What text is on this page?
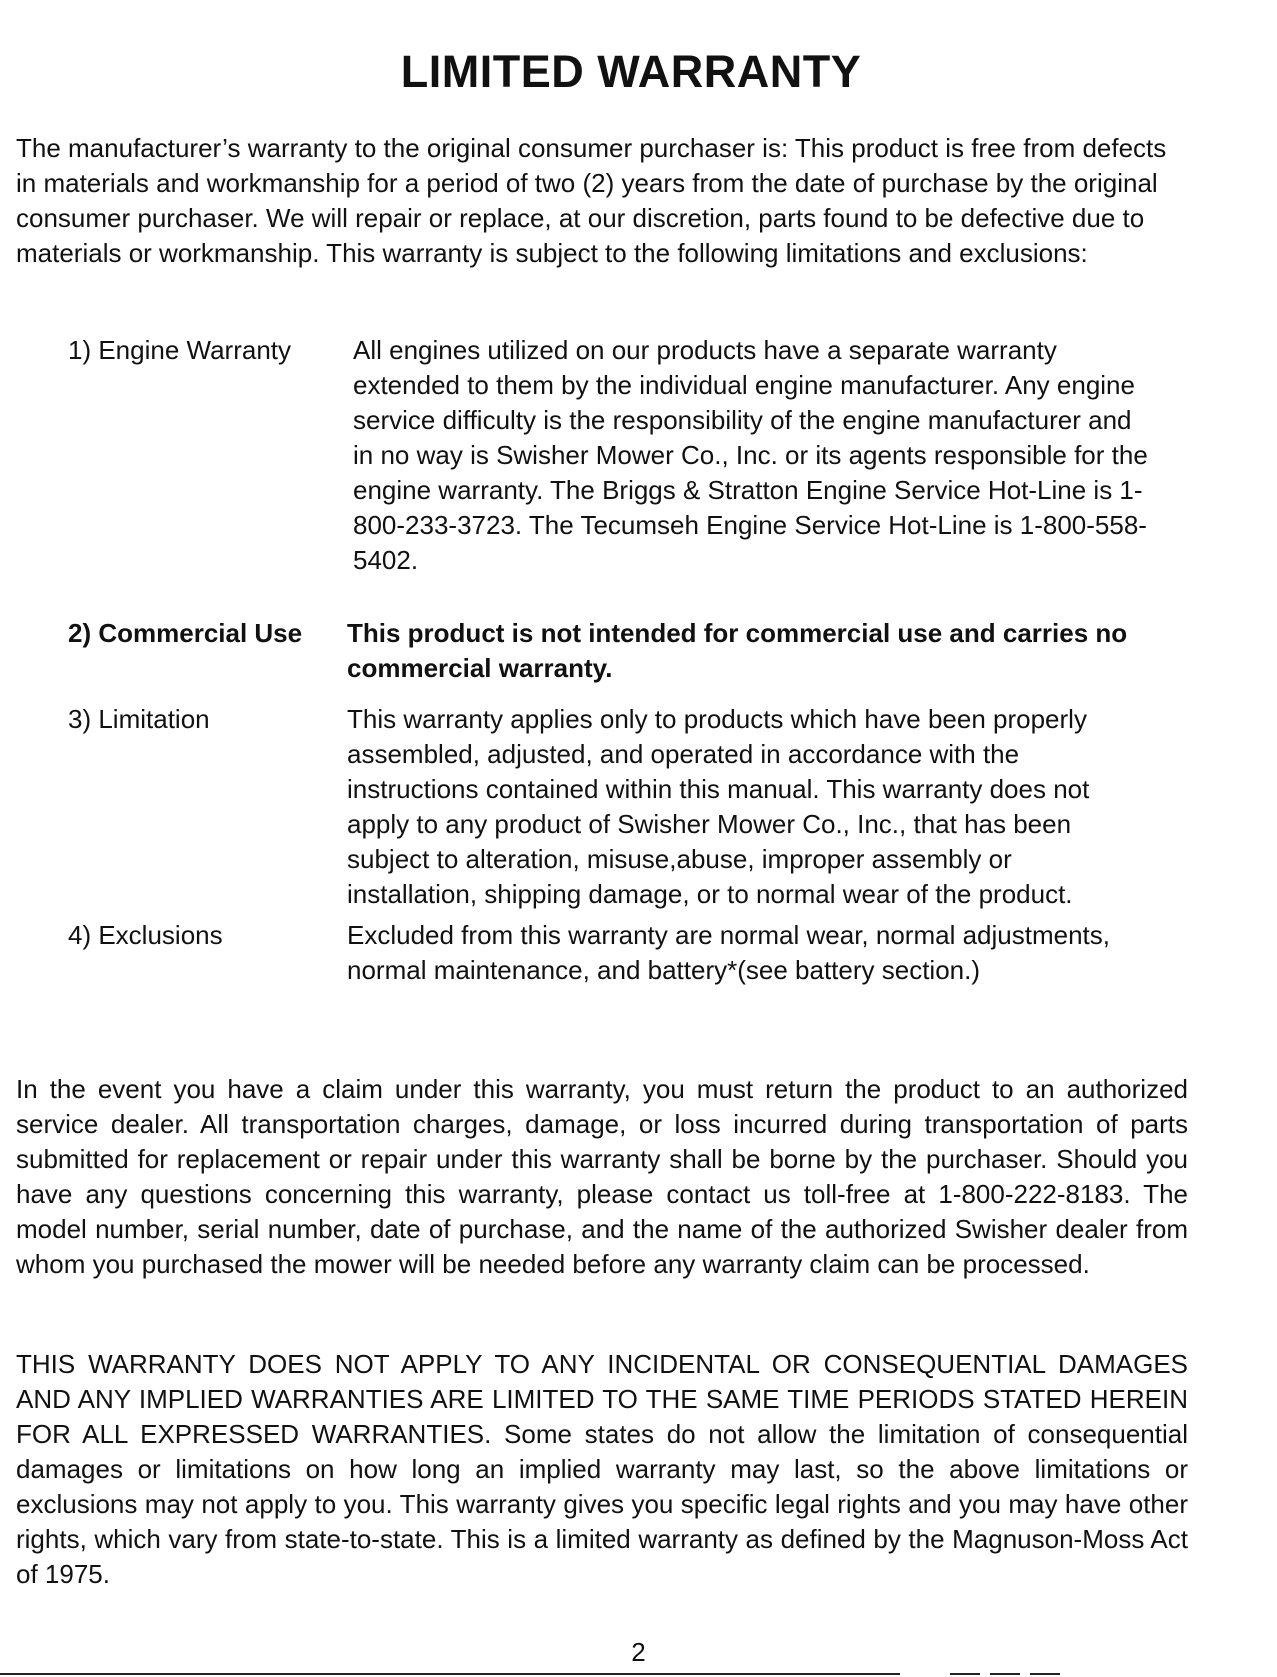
LIMITED WARRANTY

The manufacturer’s warranty to the original consumer purchaser is: This product is free from defects in materials and workmanship for a period of two (2) years from the date of purchase by the original consumer purchaser. We will repair or replace, at our discretion, parts found to be defective due to materials or workmanship. This warranty is subject to the following limitations and exclusions:

1) Engine Warranty	All engines utilized on our products have a separate warranty extended to them by the individual engine manufacturer. Any engine service difficulty is the responsibility of the engine manufacturer and in no way is Swisher Mower Co., Inc. or its agents responsible for the engine warranty. The Briggs & Stratton Engine Service Hot-Line is 1-800-233-3723. The Tecumseh Engine Service Hot-Line is 1-800-558-5402.
2) Commercial Use	This product is not intended for commercial use and carries no commercial warranty.
3) Limitation	This warranty applies only to products which have been properly assembled, adjusted, and operated in accordance with the instructions contained within this manual. This warranty does not apply to any product of Swisher Mower Co., Inc., that has been subject to alteration, misuse,abuse, improper assembly or installation, shipping damage, or to normal wear of the product.
4) Exclusions	Excluded from this warranty are normal wear, normal adjustments, normal maintenance, and battery*(see battery section.)

In the event you have a claim under this warranty, you must return the product to an authorized service dealer. All transportation charges, damage, or loss incurred during transportation of parts submitted for replacement or repair under this warranty shall be borne by the purchaser. Should you have any questions concerning this warranty, please contact us toll-free at 1-800-222-8183. The model number, serial number, date of purchase, and the name of the authorized Swisher dealer from whom you purchased the mower will be needed before any warranty claim can be processed.

THIS WARRANTY DOES NOT APPLY TO ANY INCIDENTAL OR CONSEQUENTIAL DAMAGES AND ANY IMPLIED WARRANTIES ARE LIMITED TO THE SAME TIME PERIODS STATED HEREIN FOR ALL EXPRESSED WARRANTIES. Some states do not allow the limitation of consequential damages or limitations on how long an implied warranty may last, so the above limitations or exclusions may not apply to you. This warranty gives you specific legal rights and you may have other rights, which vary from state-to-state. This is a limited warranty as defined by the Magnuson-Moss Act of 1975.

2
